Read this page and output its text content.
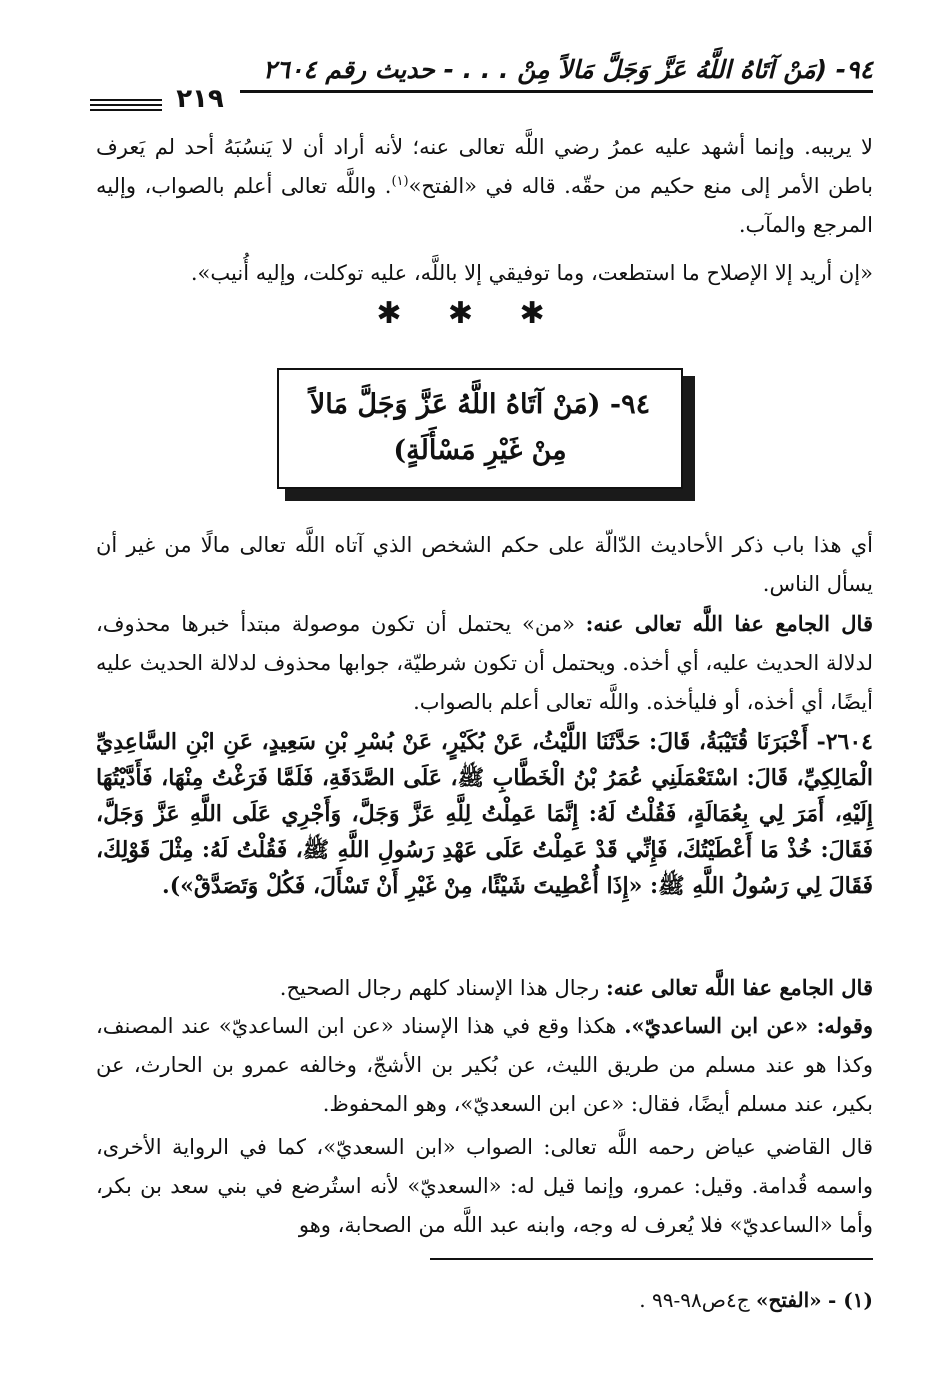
٩٤- (مَنْ آتَاهُ اللَّهُ عَزَّ وَجَلَّ مَالاً مِنْ . . . - حديث رقم ٢٦٠٤
٢١٩

لا يريبه. وإنما أشهد عليه عمرُ رضي اللَّه تعالى عنه؛ لأنه أراد أن لا يَنسُبَهُ أحد لم يَعرف باطن الأمر إلى منع حكيم من حقّه. قاله في «الفتح»$^{(١)}$. واللَّه تعالى أعلم بالصواب، وإليه المرجع والمآب.

«إن أريد إلا الإصلاح ما استطعت، وما توفيقي إلا باللَّه، عليه توكلت، وإليه أُنيب».

✱ ✱ ✱
٩٤- (مَنْ آتَاهُ اللَّهُ عَزَّ وَجَلَّ مَالاً مِنْ غَيْرِ مَسْأَلَةٍ)

أي هذا باب ذكر الأحاديث الدّالّة على حكم الشخص الذي آتاه اللَّه تعالى مالًا من غير أن يسأل الناس.

قال الجامع عفا اللَّه تعالى عنه: «من» يحتمل أن تكون موصولة مبتدأ خبرها محذوف، لدلالة الحديث عليه، أي أخذه. ويحتمل أن تكون شرطيّة، جوابها محذوف لدلالة الحديث عليه أيضًا، أي أخذه، أو فليأخذه. واللَّه تعالى أعلم بالصواب.

٢٦٠٤- أَخْبَرَنَا قُتَيْبَةُ، قَالَ: حَدَّثَنَا اللَّيْثُ، عَنْ بُكَيْرٍ، عَنْ بُسْرِ بْنِ سَعِيدٍ، عَنِ ابْنِ السَّاعِدِيِّ الْمَالِكِيِّ، قَالَ: اسْتَعْمَلَنِي عُمَرُ بْنُ الْخَطَّابِ ﷺ، عَلَى الصَّدَقَةِ، فَلَمَّا فَرَغْتُ مِنْهَا، فَأَدَّيْتُهَا إِلَيْهِ، أَمَرَ لِي بِعُمَالَةٍ، فَقُلْتُ لَهُ: إِنَّمَا عَمِلْتُ لِلَّهِ عَزَّ وَجَلَّ، وَأَجْرِي عَلَى اللَّهِ عَزَّ وَجَلَّ، فَقَالَ: خُذْ مَا أَعْطَيْتُكَ، فَإِنِّي قَدْ عَمِلْتُ عَلَى عَهْدِ رَسُولِ اللَّهِ ﷺ، فَقُلْتُ لَهُ: مِثْلَ قَوْلِكَ، فَقَالَ لِي رَسُولُ اللَّهِ ﷺ: «إِذَا أُعْطِيتَ شَيْئًا، مِنْ غَيْرِ أَنْ تَسْأَلَ، فَكُلْ وَتَصَدَّقْ»).

قال الجامع عفا اللَّه تعالى عنه: رجال هذا الإسناد كلهم رجال الصحيح.

وقوله: «عن ابن الساعديّ». هكذا وقع في هذا الإسناد «عن ابن الساعديّ» عند المصنف، وكذا هو عند مسلم من طريق الليث، عن بُكير بن الأشجّ، وخالفه عمرو بن الحارث، عن بكير، عند مسلم أيضًا، فقال: «عن ابن السعديّ»، وهو المحفوظ.

قال القاضي عياض رحمه اللَّه تعالى: الصواب «ابن السعديّ»، كما في الرواية الأخرى، واسمه قُدامة. وقيل: عمرو، وإنما قيل له: «السعديّ» لأنه استُرضع في بني سعد بن بكر، وأما «الساعديّ» فلا يُعرف له وجه، وابنه عبد اللَّه من الصحابة، وهو

(١) - «الفتح» ج٤ص٩٨-٩٩ .
